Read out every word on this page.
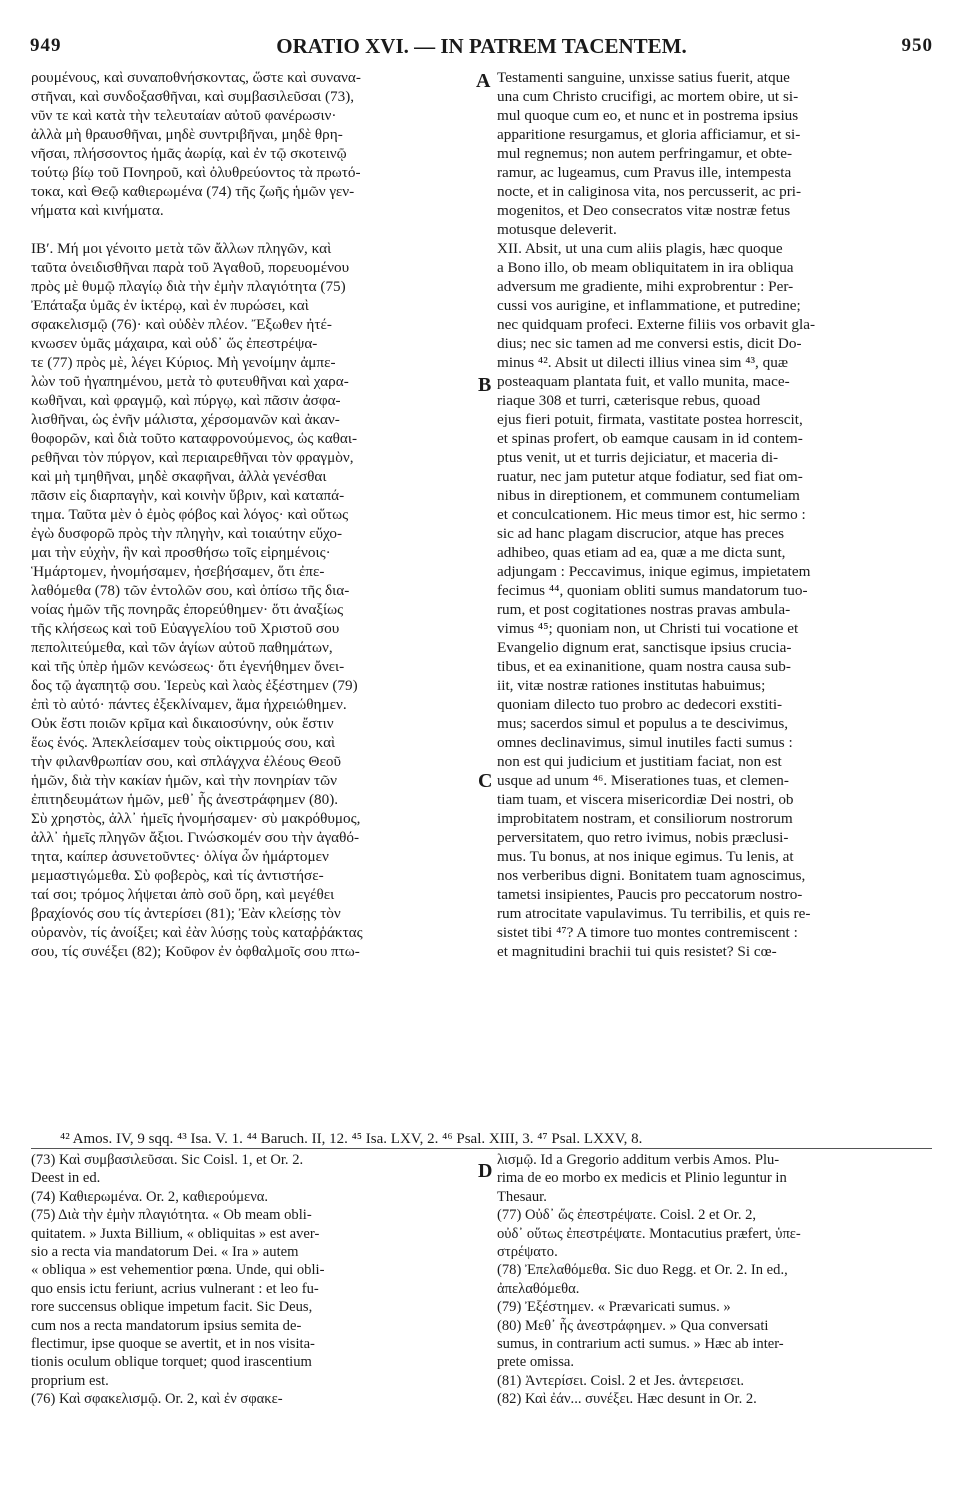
949	ORATIO XVI. — IN PATREM TACENTEM.	950
A
B
C
D
ρουμένους, καὶ συναποθνήσκοντας, ὥστε καὶ συνανα-
στῆναι, καὶ συνδοξασθῆναι, καὶ συμβασιλεῦσαι (73),
νῦν τε καὶ κατὰ τὴν τελευταίαν αὐτοῦ φανέρωσιν·
ἀλλὰ μὴ θραυσθῆναι, μηδὲ συντριβῆναι, μηδὲ θρη-
νῆσαι, πλήσσοντος ἡμᾶς ἀωρίᾳ, καὶ ἐν τῷ σκοτεινῷ
τούτῳ βίῳ τοῦ Πονηροῦ, καὶ ὀλυθρεύοντος τὰ πρωτό-
τοκα, καὶ Θεῷ καθιερωμένα (74) τῆς ζωῆς ἡμῶν γεν-
νήματα καὶ κινήματα.
ΙΒʹ. Μή μοι γένοιτο μετὰ τῶν ἄλλων πληγῶν, καὶ
ταῦτα ὀνειδισθῆναι παρὰ τοῦ Ἀγαθοῦ, πορευομένου
πρὸς μὲ θυμῷ πλαγίῳ διὰ τὴν ἐμὴν πλαγιότητα (75)
Ἐπάταξα ὑμᾶς ἐν ἰκτέρῳ, καὶ ἐν πυρώσει, καὶ
σφακελισμῷ (76)· καὶ οὐδὲν πλέον. Ἔξωθεν ἠτέ-
κνωσεν ὑμᾶς μάχαιρα, καὶ οὐδ᾽ ὥς ἐπεστρέψα-
τε (77) πρὸς μὲ, λέγει Κύριος. Μὴ γενοίμην ἀμπε-
λὼν τοῦ ἠγαπημένου, μετὰ τὸ φυτευθῆναι καὶ χαρα-
κωθῆναι, καὶ φραγμῷ, καὶ πύργῳ, καὶ πᾶσιν ἀσφα-
λισθῆναι, ὡς ἐνῆν μάλιστα, χέρσομανῶν καὶ ἀκαν-
θοφορῶν, καὶ διὰ τοῦτο καταφρονούμενος, ὡς καθαι-
ρεθῆναι τὸν πύργον, καὶ περιαιρεθῆναι τὸν φραγμὸν,
καὶ μὴ τμηθῆναι, μηδὲ σκαφῆναι, ἀλλὰ γενέσθαι
πᾶσιν εἰς διαρπαγὴν, καὶ κοινὴν ὕβριν, καὶ καταπά-
τημα. Ταῦτα μὲν ὁ ἐμὸς φόβος καὶ λόγος· καὶ οὕτως
ἐγὼ δυσφορῶ πρὸς τὴν πληγὴν, καὶ τοιαύτην εὔχο-
μαι τὴν εὐχὴν, ἣν καὶ προσθήσω τοῖς εἰρημένοις·
Ἡμάρτομεν, ἠνομήσαμεν, ἠσεβήσαμεν, ὅτι ἐπε-
λαθόμεθα (78) τῶν ἐντολῶν σου, καὶ ὀπίσω τῆς δια-
νοίας ἡμῶν τῆς πονηρᾶς ἐπορεύθημεν· ὅτι ἀναξίως
τῆς κλήσεως καὶ τοῦ Εὐαγγελίου τοῦ Χριστοῦ σου
πεπολιτεύμεθα, καὶ τῶν ἁγίων αὐτοῦ παθημάτων,
καὶ τῆς ὑπὲρ ἡμῶν κενώσεως· ὅτι ἐγενήθημεν ὄνει-
δος τῷ ἀγαπητῷ σου. Ἱερεὺς καὶ λαὸς ἐξέστημεν (79)
ἐπὶ τὸ αὐτό· πάντες ἐξεκλίναμεν, ἅμα ἠχρειώθημεν.
Οὐκ ἔστι ποιῶν κρῖμα καὶ δικαιοσύνην, οὐκ ἔστιν
ἕως ἑνός. Ἀπεκλείσαμεν τοὺς οἰκτιρμούς σου, καὶ
τὴν φιλανθρωπίαν σου, καὶ σπλάγχνα ἐλέους Θεοῦ
ἡμῶν, διὰ τὴν κακίαν ἡμῶν, καὶ τὴν πονηρίαν τῶν
ἐπιτηδευμάτων ἡμῶν, μεθ᾽ ἧς ἀνεστράφημεν (80).
Σὺ χρηστὸς, ἀλλ᾽ ἡμεῖς ἠνομήσαμεν· σὺ μακρόθυμος,
ἀλλ᾽ ἡμεῖς πληγῶν ἄξιοι. Γινώσκομέν σου τὴν ἀγαθό-
τητα, καίπερ ἀσυνετοῦντες· ὀλίγα ὧν ἡμάρτομεν
μεμαστιγώμεθα. Σὺ φοβερὸς, καὶ τίς ἀντιστήσε-
ταί σοι; τρόμος λήψεται ἀπὸ σοῦ ὄρη, καὶ μεγέθει
βραχίονός σου τίς ἀντερίσει (81); Ἐὰν κλείσῃς τὸν
οὐρανὸν, τίς ἀνοίξει; καὶ ἐὰν λύσῃς τοὺς καταῤῥάκτας
σου, τίς συνέξει (82); Κοῦφον ἐν ὀφθαλμοῖς σου πτω-
Testamenti sanguine, unxisse satius fuerit, atque
una cum Christo crucifigi, ac mortem obire, ut si-
mul quoque cum eo, et nunc et in postrema ipsius
apparitione resurgamus, et gloria afficiamur, et si-
mul regnemus; non autem perfringamur, et obte-
ramur, ac lugeamus, cum Pravus ille, intempesta
nocte, et in caliginosa vita, nos percusserit, ac pri-
mogenitos, et Deo consecratos vitæ nostræ fetus
motusque deleverit.
XII. Absit, ut una cum aliis plagis, hæc quoque
a Bono illo, ob meam obliquitatem in ira obliqua
adversum me gradiente, mihi exprobrentur : Per-
cussi vos aurigine, et inflammatione, et putredine;
nec quidquam profeci. Externe filiis vos orbavit gla-
dius; nec sic tamen ad me conversi estis, dicit Do-
minus ⁴². Absit ut dilecti illius vinea sim ⁴³, quæ
posteaquam plantata fuit, et vallo munita, mace-
riaque 308 et turri, cæterisque rebus, quoad
ejus fieri potuit, firmata, vastitate postea horrescit,
et spinas profert, ob eamque causam in id contem-
ptus venit, ut et turris dejiciatur, et maceria di-
ruatur, nec jam putetur atque fodiatur, sed fiat om-
nibus in direptionem, et communem contumeliam
et conculcationem. Hic meus timor est, hic sermo :
sic ad hanc plagam discrucior, atque has preces
adhibeo, quas etiam ad ea, quæ a me dicta sunt,
adjungam : Peccavimus, inique egimus, impietatem
fecimus ⁴⁴, quoniam obliti sumus mandatorum tuo-
rum, et post cogitationes nostras pravas ambula-
vimus ⁴⁵; quoniam non, ut Christi tui vocatione et
Evangelio dignum erat, sanctisque ipsius crucia-
tibus, et ea exinanitione, quam nostra causa sub-
iit, vitæ nostræ rationes institutas habuimus;
quoniam dilecto tuo probro ac dedecori exstiti-
mus; sacerdos simul et populus a te descivimus,
omnes declinavimus, simul inutiles facti sumus :
non est qui judicium et justitiam faciat, non est
usque ad unum ⁴⁶. Miserationes tuas, et clemen-
tiam tuam, et viscera misericordiæ Dei nostri, ob
improbitatem nostram, et consiliorum nostrorum
perversitatem, quo retro ivimus, nobis præclusi-
mus. Tu bonus, at nos inique egimus. Tu lenis, at
nos verberibus digni. Bonitatem tuam agnoscimus,
tametsi insipientes, Paucis pro peccatorum nostro-
rum atrocitate vapulavimus. Tu terribilis, et quis re-
sistet tibi ⁴⁷? A timore tuo montes contremiscent :
et magnitudini brachii tui quis resistet? Si cœ-
⁴² Amos. IV, 9 sqq. ⁴³ Isa. V. 1. ⁴⁴ Baruch. II, 12. ⁴⁵ Isa. LXV, 2. ⁴⁶ Psal. XIII, 3. ⁴⁷ Psal. LXXV, 8.
(73) Καὶ συμβασιλεῦσαι. Sic Coisl. 1, et Or. 2.
Deest in ed.
(74) Καθιερωμένα. Or. 2, καθιερούμενα.
(75) Διὰ τὴν ἐμὴν πλαγιότητα. « Ob meam obli-
quitatem. » Juxta Billium, « obliquitas » est aver-
sio a recta via mandatorum Dei. « Ira » autem
« obliqua » est vehementior pœna. Unde, qui obli-
quo ensis ictu feriunt, acrius vulnerant : et leo fu-
rore succensus oblique impetum facit. Sic Deus,
cum nos a recta mandatorum ipsius semita de-
flectimur, ipse quoque se avertit, et in nos visita-
tionis oculum oblique torquet; quod irascentium
proprium est.
(76) Καὶ σφακελισμῷ. Or. 2, καὶ ἐν σφακε-
λισμῷ. Id a Gregorio additum verbis Amos. Plu-
rima de eo morbo ex medicis et Plinio leguntur in
Thesaur.
(77) Οὐδ᾽ ὥς ἐπεστρέψατε. Coisl. 2 et Or. 2,
οὐδ᾽ οὕτως ἐπεστρέψατε. Montacutius præfert, ὑπε-
στρέψατο.
(78) Ἐπελαθόμεθα. Sic duo Regg. et Or. 2. In ed.,
ἀπελαθόμεθα.
(79) Ἐξέστημεν. « Prævaricati sumus. »
(80) Μεθ᾽ ἧς ἀνεστράφημεν. » Qua conversati
sumus, in contrarium acti sumus. » Hæc ab inter-
prete omissa.
(81) Ἀντερίσει. Coisl. 2 et Jes. ἀντερεισει.
(82) Καὶ ἐάν... συνέξει. Hæc desunt in Or. 2.
